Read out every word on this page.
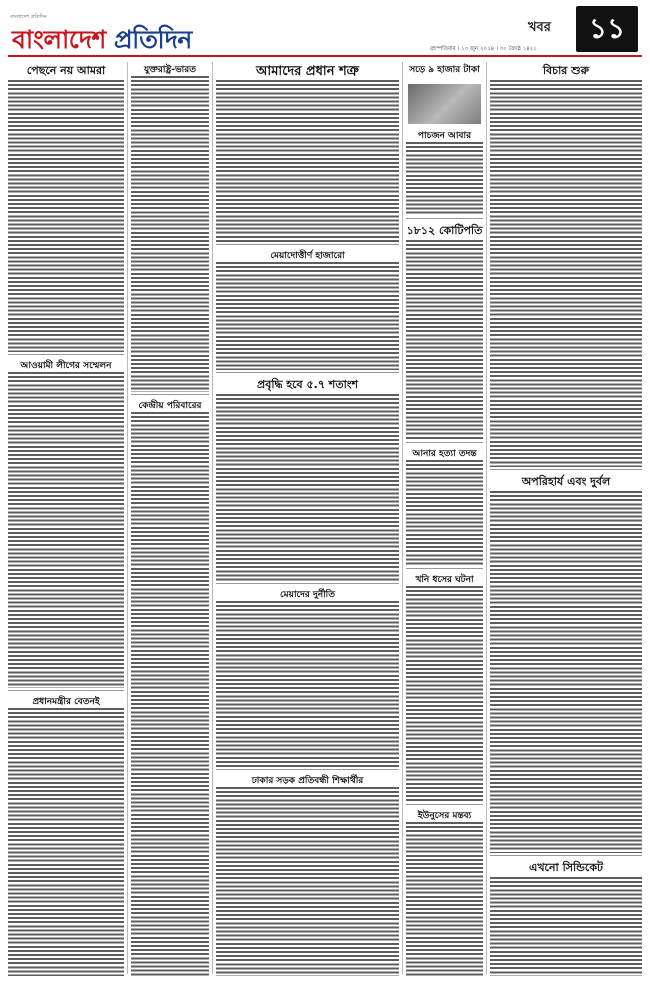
বাংলাদেশ প্রতিদিন
বাংলাদেশ প্রতিদিন	খবর	১১
বৃহস্পতিবার । ১৩ জুন ২০১৪ । ৩০ জ্যৈষ্ঠ ১৪২১
পেছনে নয় আমরা
আওয়ামী লীগের সম্মেলন
প্রধানমন্ত্রীর বেতনই
যুক্তরাষ্ট্র-ভারত
কেন্দ্রীয় পরিবারের
আমাদের প্রধান শত্রু
মেয়াদোত্তীর্ণ হাজারো
প্রবৃদ্ধি হবে ৫.৭ শতাংশ
মেয়াদের দুর্নীতি
ঢাকার সড়ক প্রতিবন্ধী শিক্ষার্থীর
সড়ে ৯ হাজার টাকা
পাচজন আবার
১৮১২ কোটিপতি
আনার হত্যা তদন্ত
খনি ধসের ঘটনা
ইউনুসের মন্তব্য
বিচার শুরু
অপরিহার্য এবং দুর্বল
এখনো সিন্ডিকেট
